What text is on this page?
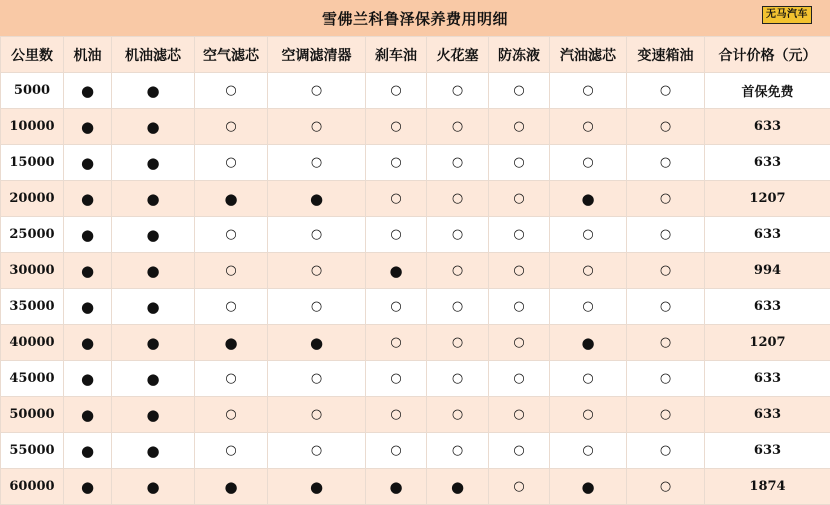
雪佛兰科鲁泽保养费用明细	无马汽车
公里数	机油	机油滤芯	空气滤芯	空调滤清器	刹车油	火花塞	防冻液	汽油滤芯	变速箱油	合计价格（元）
5000	●	●	○	○	○	○	○	○	○	首保免费
10000	●	●	○	○	○	○	○	○	○	633
15000	●	●	○	○	○	○	○	○	○	633
20000	●	●	●	●	○	○	○	●	○	1207
25000	●	●	○	○	○	○	○	○	○	633
30000	●	●	○	○	●	○	○	○	○	994
35000	●	●	○	○	○	○	○	○	○	633
40000	●	●	●	●	○	○	○	●	○	1207
45000	●	●	○	○	○	○	○	○	○	633
50000	●	●	○	○	○	○	○	○	○	633
55000	●	●	○	○	○	○	○	○	○	633
60000	●	●	●	●	●	●	○	●	○	1874
